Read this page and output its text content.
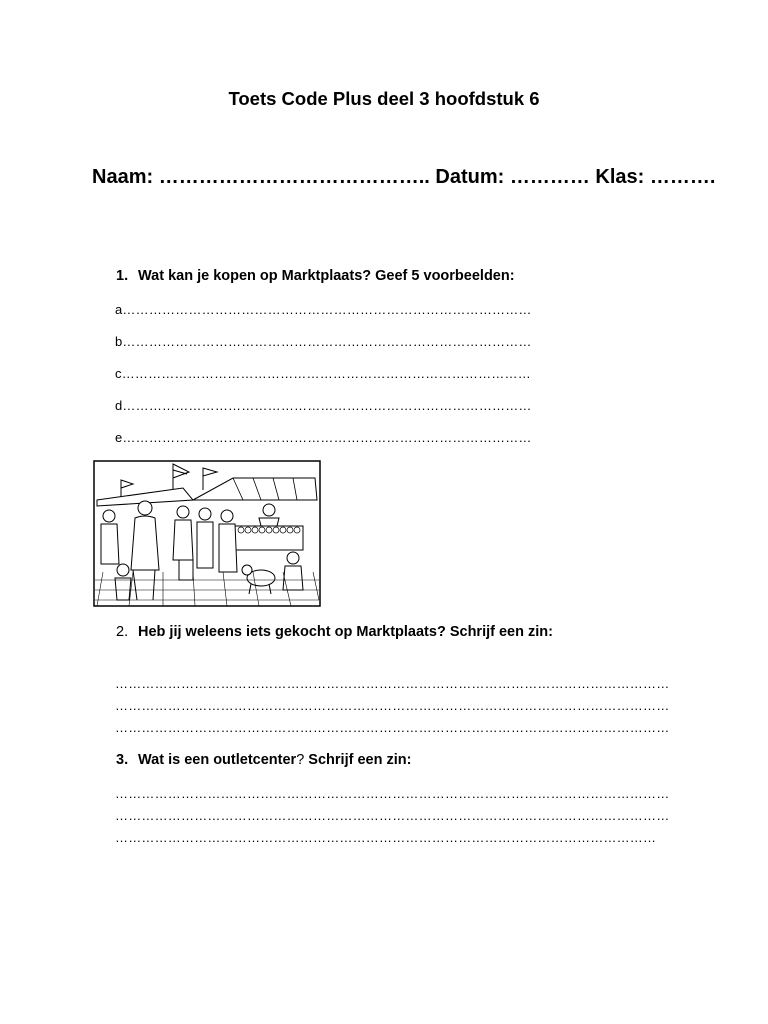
Toets Code Plus deel 3 hoofdstuk 6
Naam: ………………………………….. Datum: ………… Klas: ……….

1. Wat kan je kopen op Marktplaats? Geef 5 voorbeelden:

a…………………………………………………………………………………
b…………………………………………………………………………………
c…………………………………………………………………………………
d…………………………………………………………………………………
e…………………………………………………………………………………

2. Heb jij weleens iets gekocht op Marktplaats? Schrijf een zin:

………………………………………………………………………………………………………………
………………………………………………………………………………………………………………
………………………………………………………………………………………………………………

3. Wat is een outletcenter? Schrijf een zin:

………………………………………………………………………………………………………………
………………………………………………………………………………………………………………
……………………………………………………………………………………………………………
